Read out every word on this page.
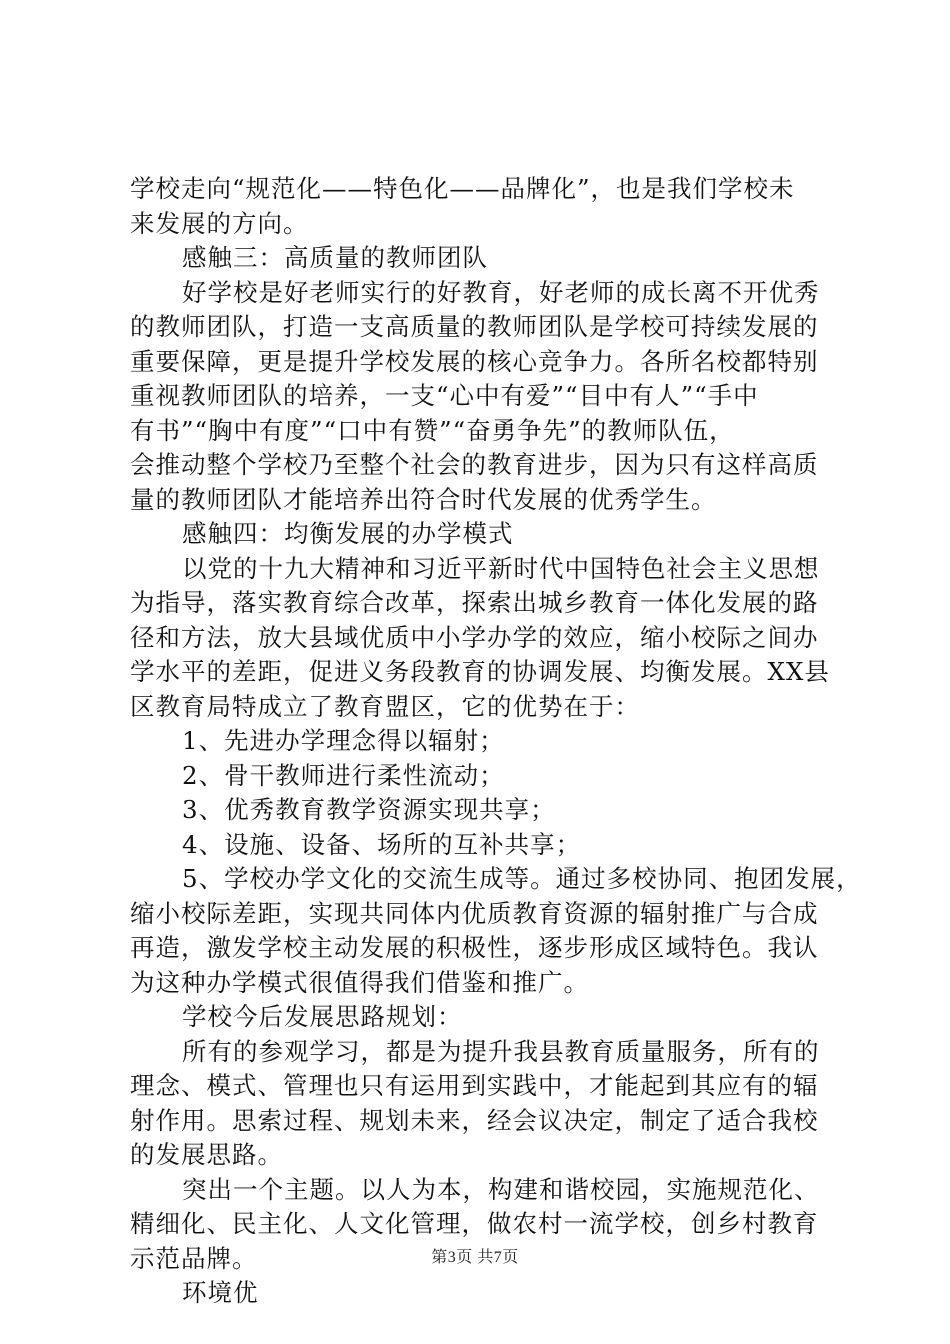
学校走向“规范化——特色化——品牌化”，也是我们学校未
来发展的方向。
感触三：高质量的教师团队
好学校是好老师实行的好教育，好老师的成长离不开优秀
的教师团队，打造一支高质量的教师团队是学校可持续发展的
重要保障，更是提升学校发展的核心竞争力。各所名校都特别
重视教师团队的培养，一支“心中有爱”“目中有人”“手中
有书”“胸中有度”“口中有赞”“奋勇争先”的教师队伍，
会推动整个学校乃至整个社会的教育进步，因为只有这样高质
量的教师团队才能培养出符合时代发展的优秀学生。
感触四：均衡发展的办学模式
以党的十九大精神和习近平新时代中国特色社会主义思想
为指导，落实教育综合改革，探索出城乡教育一体化发展的路
径和方法，放大县域优质中小学办学的效应，缩小校际之间办
学水平的差距，促进义务段教育的协调发展、均衡发展。XX县
区教育局特成立了教育盟区，它的优势在于：
1、先进办学理念得以辐射；
2、骨干教师进行柔性流动；
3、优秀教育教学资源实现共享；
4、设施、设备、场所的互补共享；
5、学校办学文化的交流生成等。通过多校协同、抱团发展，
缩小校际差距，实现共同体内优质教育资源的辐射推广与合成
再造，激发学校主动发展的积极性，逐步形成区域特色。我认
为这种办学模式很值得我们借鉴和推广。
学校今后发展思路规划：
所有的参观学习，都是为提升我县教育质量服务，所有的
理念、模式、管理也只有运用到实践中，才能起到其应有的辐
射作用。思索过程、规划未来，经会议决定，制定了适合我校
的发展思路。
突出一个主题。以人为本，构建和谐校园，实施规范化、
精细化、民主化、人文化管理，做农村一流学校，创乡村教育
示范品牌。
环境优
第3页 共7页
